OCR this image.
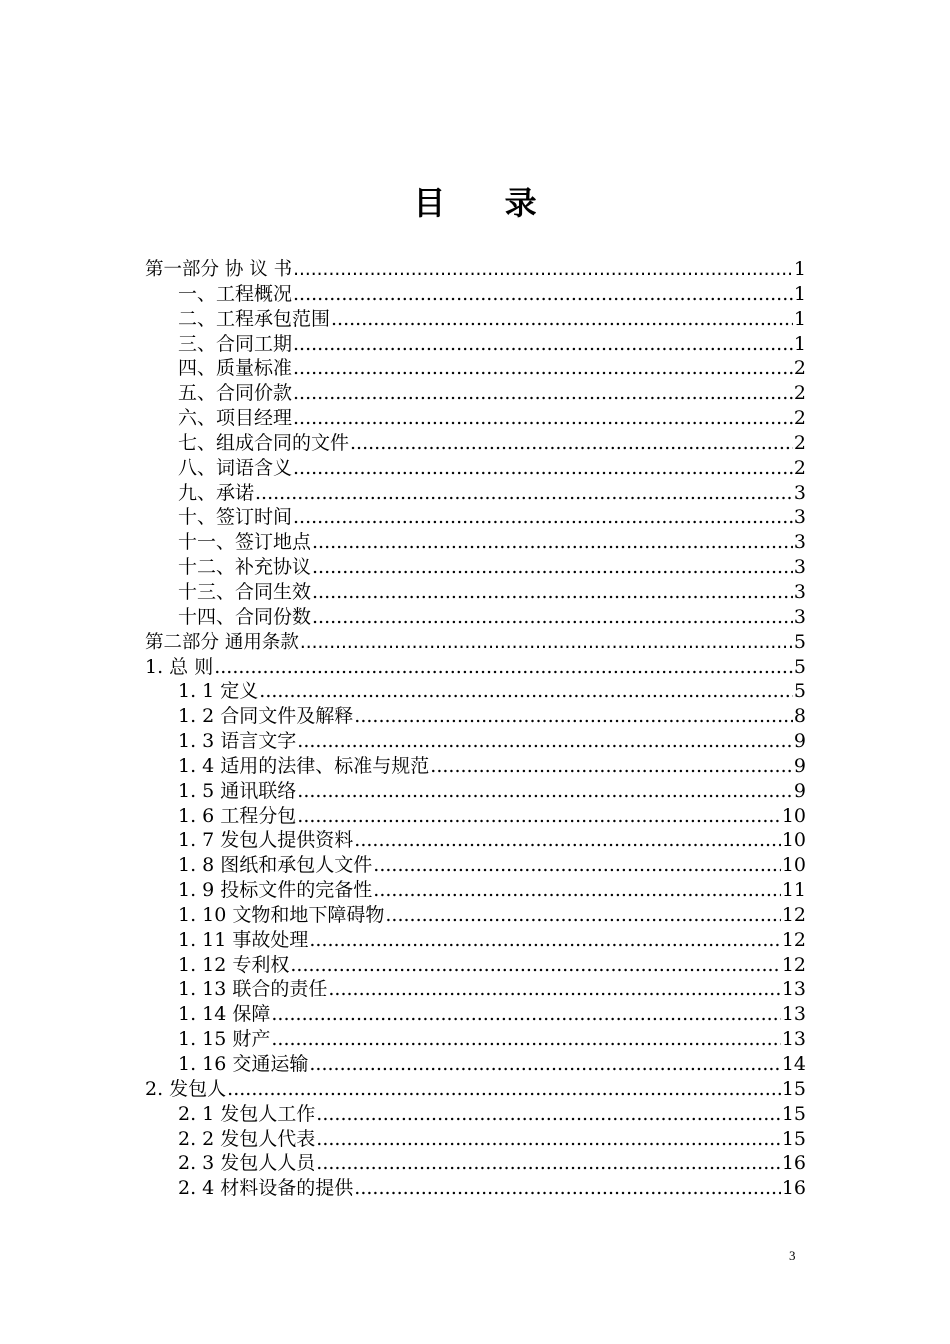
目 录
第一部分 协 议 书 .....	1
一、工程概况 .....	1
二、工程承包范围 .....	1
三、合同工期 .....	1
四、质量标准 .....	2
五、合同价款 .....	2
六、项目经理 .....	2
七、组成合同的文件 .....	2
八、词语含义 .....	2
九、承诺 .....	3
十、签订时间 .....	3
十一、签订地点 .....	3
十二、补充协议 .....	3
十三、合同生效 .....	3
十四、合同份数 .....	3
第二部分 通用条款 .....	5
1. 总 则 .....	5
1. 1 定义 .....	5
1. 2 合同文件及解释 .....	8
1. 3 语言文字 .....	9
1. 4 适用的法律、标准与规范 .....	9
1. 5 通讯联络 .....	9
1. 6 工程分包 .....	10
1. 7 发包人提供资料 .....	10
1. 8 图纸和承包人文件 .....	10
1. 9 投标文件的完备性 .....	11
1. 10 文物和地下障碍物 .....	12
1. 11 事故处理 .....	12
1. 12 专利权 .....	12
1. 13 联合的责任 .....	13
1. 14 保障 .....	13
1. 15 财产 .....	13
1. 16 交通运输 .....	14
2. 发包人 .....	15
2. 1 发包人工作 .....	15
2. 2 发包人代表 .....	15
2. 3 发包人人员 .....	16
2. 4 材料设备的提供 .....	16
3
